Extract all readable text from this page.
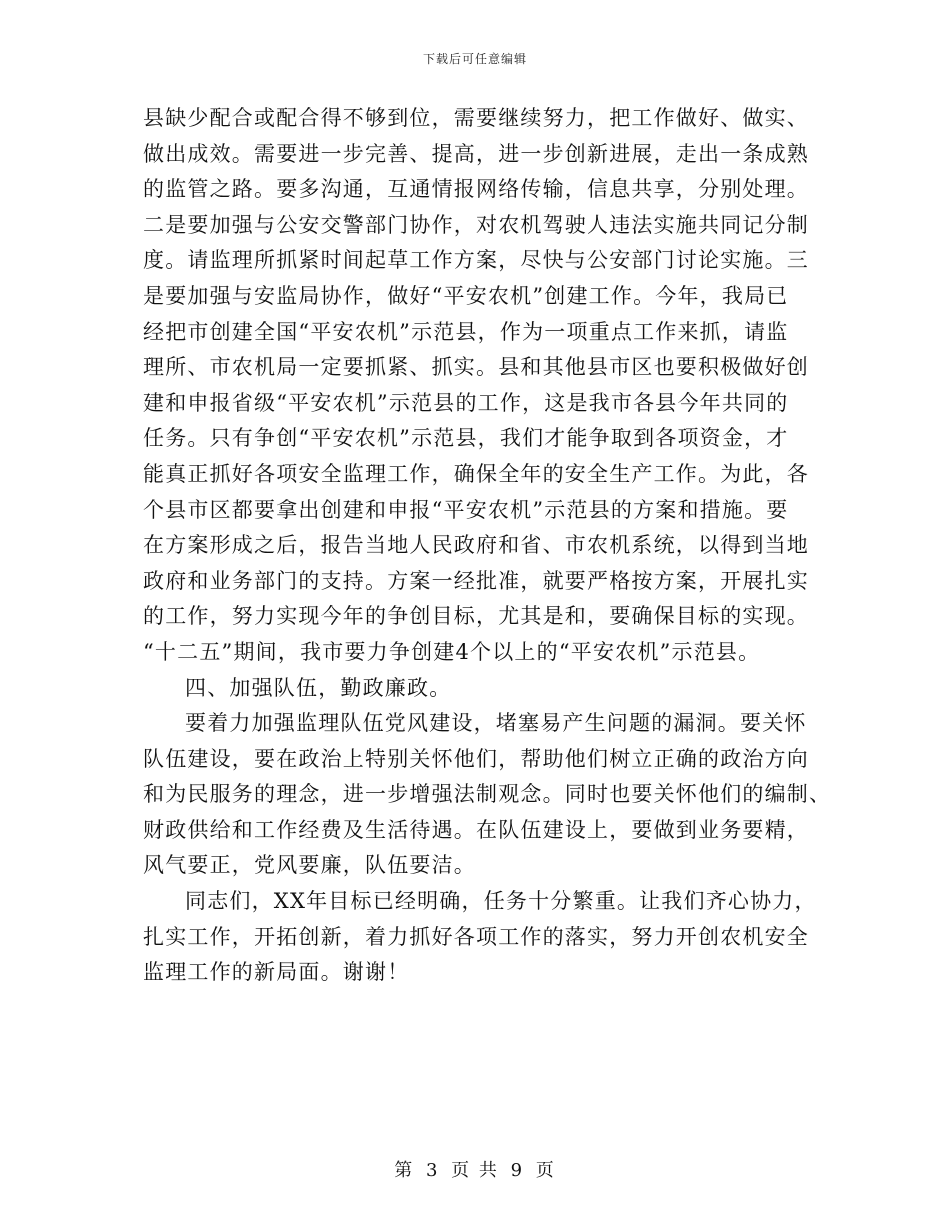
下载后可任意编辑

县缺少配合或配合得不够到位，需要继续努力，把工作做好、做实、
做出成效。需要进一步完善、提高，进一步创新进展，走出一条成熟
的监管之路。要多沟通，互通情报网络传输，信息共享，分别处理。
二是要加强与公安交警部门协作，对农机驾驶人违法实施共同记分制
度。请监理所抓紧时间起草工作方案，尽快与公安部门讨论实施。三
是要加强与安监局协作，做好“平安农机”创建工作。今年，我局已
经把市创建全国“平安农机”示范县，作为一项重点工作来抓，请监
理所、市农机局一定要抓紧、抓实。县和其他县市区也要积极做好创
建和申报省级“平安农机”示范县的工作，这是我市各县今年共同的
任务。只有争创“平安农机”示范县，我们才能争取到各项资金，才
能真正抓好各项安全监理工作，确保全年的安全生产工作。为此，各
个县市区都要拿出创建和申报“平安农机”示范县的方案和措施。要
在方案形成之后，报告当地人民政府和省、市农机系统，以得到当地
政府和业务部门的支持。方案一经批准，就要严格按方案，开展扎实
的工作，努力实现今年的争创目标，尤其是和，要确保目标的实现。
“十二五”期间，我市要力争创建4个以上的“平安农机”示范县。

四、加强队伍，勤政廉政。

要着力加强监理队伍党风建设，堵塞易产生问题的漏洞。要关怀
队伍建设，要在政治上特别关怀他们，帮助他们树立正确的政治方向
和为民服务的理念，进一步增强法制观念。同时也要关怀他们的编制、
财政供给和工作经费及生活待遇。在队伍建设上，要做到业务要精，
风气要正，党风要廉，队伍要洁。

同志们，XX年目标已经明确，任务十分繁重。让我们齐心协力，
扎实工作，开拓创新，着力抓好各项工作的落实，努力开创农机安全
监理工作的新局面。谢谢！

第 3 页 共 9 页
